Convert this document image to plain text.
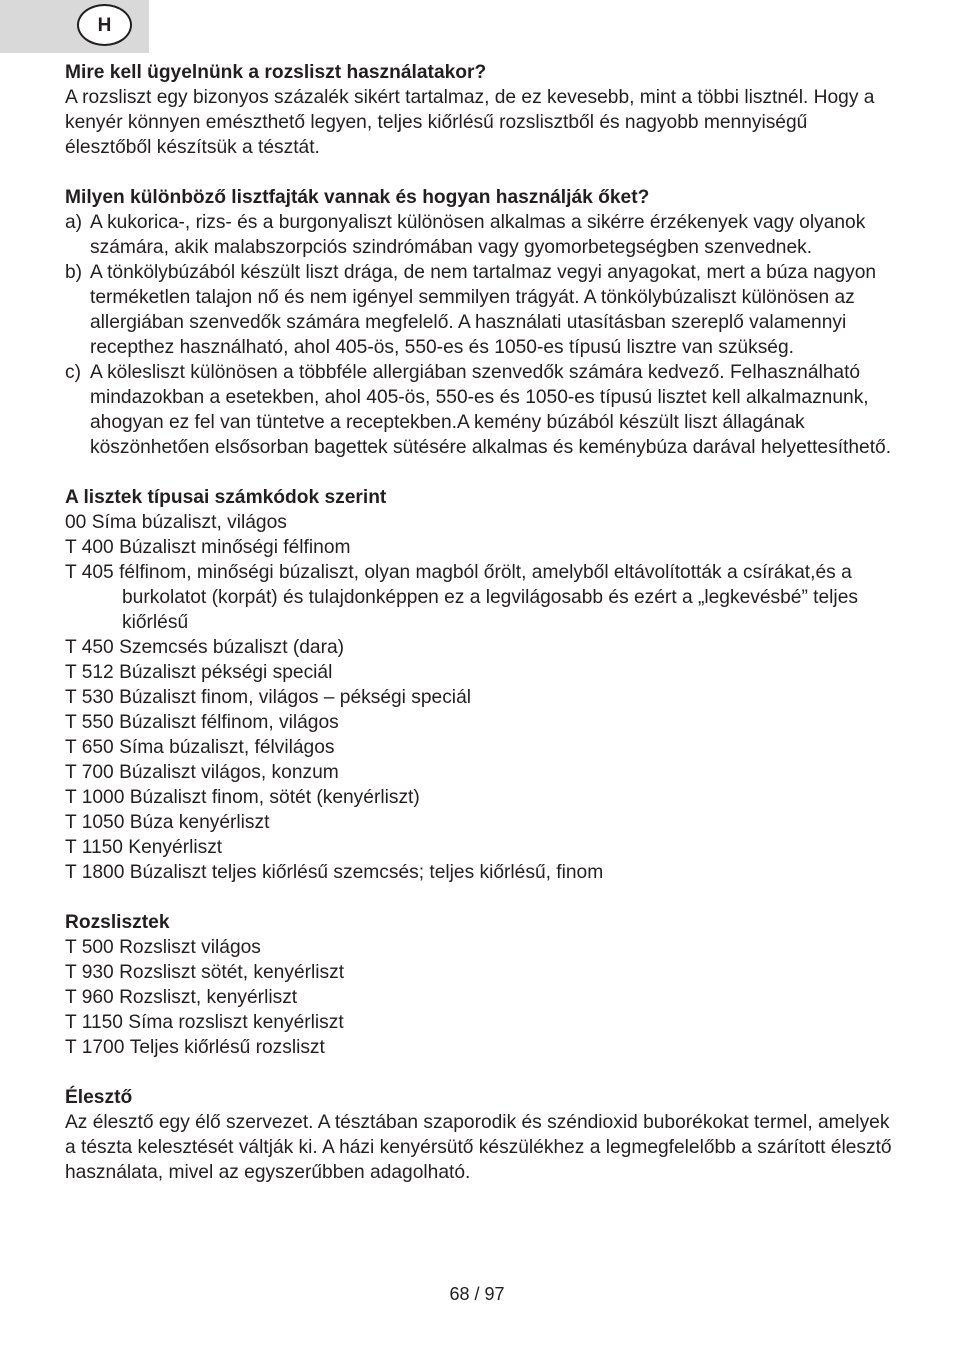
H
Mire kell ügyelnünk a rozsliszt használatakor?

A rozsliszt egy bizonyos százalék sikért tartalmaz, de ez kevesebb, mint a többi lisztnél. Hogy a kenyér könnyen emészthető legyen, teljes kiőrlésű rozslisztből és nagyobb mennyiségű élesztőből készítsük a tésztát.

Milyen különböző lisztfajták vannak és hogyan használják őket?
a) A kukorica-, rizs- és a burgonyaliszt különösen alkalmas a sikérre érzékenyek vagy olyanok számára, akik malabszorpciós szindrómában vagy gyomorbetegségben szenvednek.
b) A tönkölybúzából készült liszt drága, de nem tartalmaz vegyi anyagokat, mert a búza nagyon terméketlen talajon nő és nem igényel semmilyen trágyát. A tönkölybúzaliszt különösen az allergiában szenvedők számára megfelelő. A használati utasításban szereplő valamennyi recepthez használható, ahol 405-ös, 550-es és 1050-es típusú lisztre van szükség.
c) A kölesliszt különösen a többféle allergiában szenvedők számára kedvező. Felhasználható mindazokban a esetekben, ahol 405-ös, 550-es és 1050-es típusú lisztet kell alkalmaznunk, ahogyan ez fel van tüntetve a receptekben.A kemény búzából készült liszt állagának köszönhetően elsősorban bagettek sütésére alkalmas és keménybúza darával helyettesíthető.
A lisztek típusai számkódok szerint
00 Síma búzaliszt, világos
T 400 Búzaliszt minőségi félfinom
T 405 félfinom, minőségi búzaliszt, olyan magból őrölt, amelyből eltávolították a csírákat,és a burkolatot (korpát) és tulajdonképpen ez a legvilágosabb és ezért a „legkevésbé” teljes kiőrlésű
T 450 Szemcsés búzaliszt (dara)
T 512 Búzaliszt pékségi speciál
T 530 Búzaliszt finom, világos – pékségi speciál
T 550 Búzaliszt félfinom, világos
T 650 Síma búzaliszt, félvilágos
T 700 Búzaliszt világos, konzum
T 1000 Búzaliszt finom, sötét (kenyérliszt)
T 1050 Búza kenyérliszt
T 1150 Kenyérliszt
T 1800 Búzaliszt teljes kiőrlésű szemcsés; teljes kiőrlésű, finom
Rozslisztek
T 500 Rozsliszt világos
T 930 Rozsliszt sötét, kenyérliszt
T 960 Rozsliszt, kenyérliszt
T 1150 Síma rozsliszt kenyérliszt
T 1700 Teljes kiőrlésű rozsliszt
Élesztő

Az élesztő egy élő szervezet. A tésztában szaporodik és széndioxid buborékokat termel, amelyek a tészta kelesztését váltják ki. A házi kenyérsütő készülékhez a legmegfelelőbb a szárított élesztő használata, mivel az egyszerűbben adagolható.

68 / 97
